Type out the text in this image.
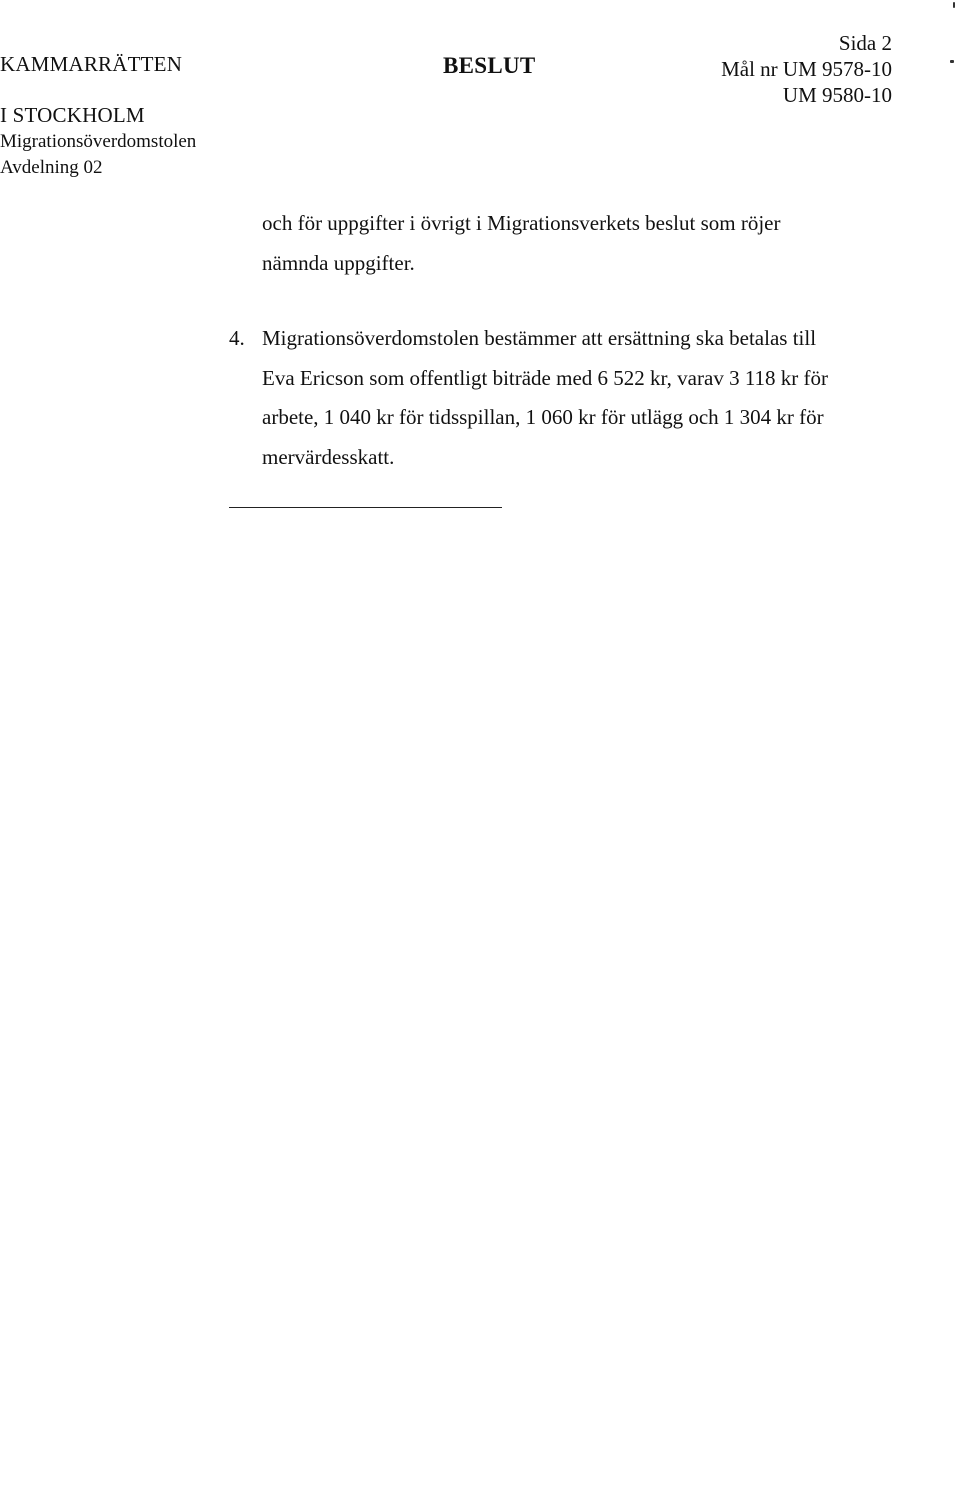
KAMMARRÄTTEN
I STOCKHOLM
Migrationsöverdomstolen
Avdelning 02
BESLUT
Sida 2
Mål nr UM 9578-10
UM 9580-10
och för uppgifter i övrigt i Migrationsverkets beslut som röjer
nämnda uppgifter.
4. Migrationsöverdomstolen bestämmer att ersättning ska betalas till
Eva Ericson som offentligt biträde med 6 522 kr, varav 3 118 kr för
arbete, 1 040 kr för tidsspillan, 1 060 kr för utlägg och 1 304 kr för
mervärdesskatt.
